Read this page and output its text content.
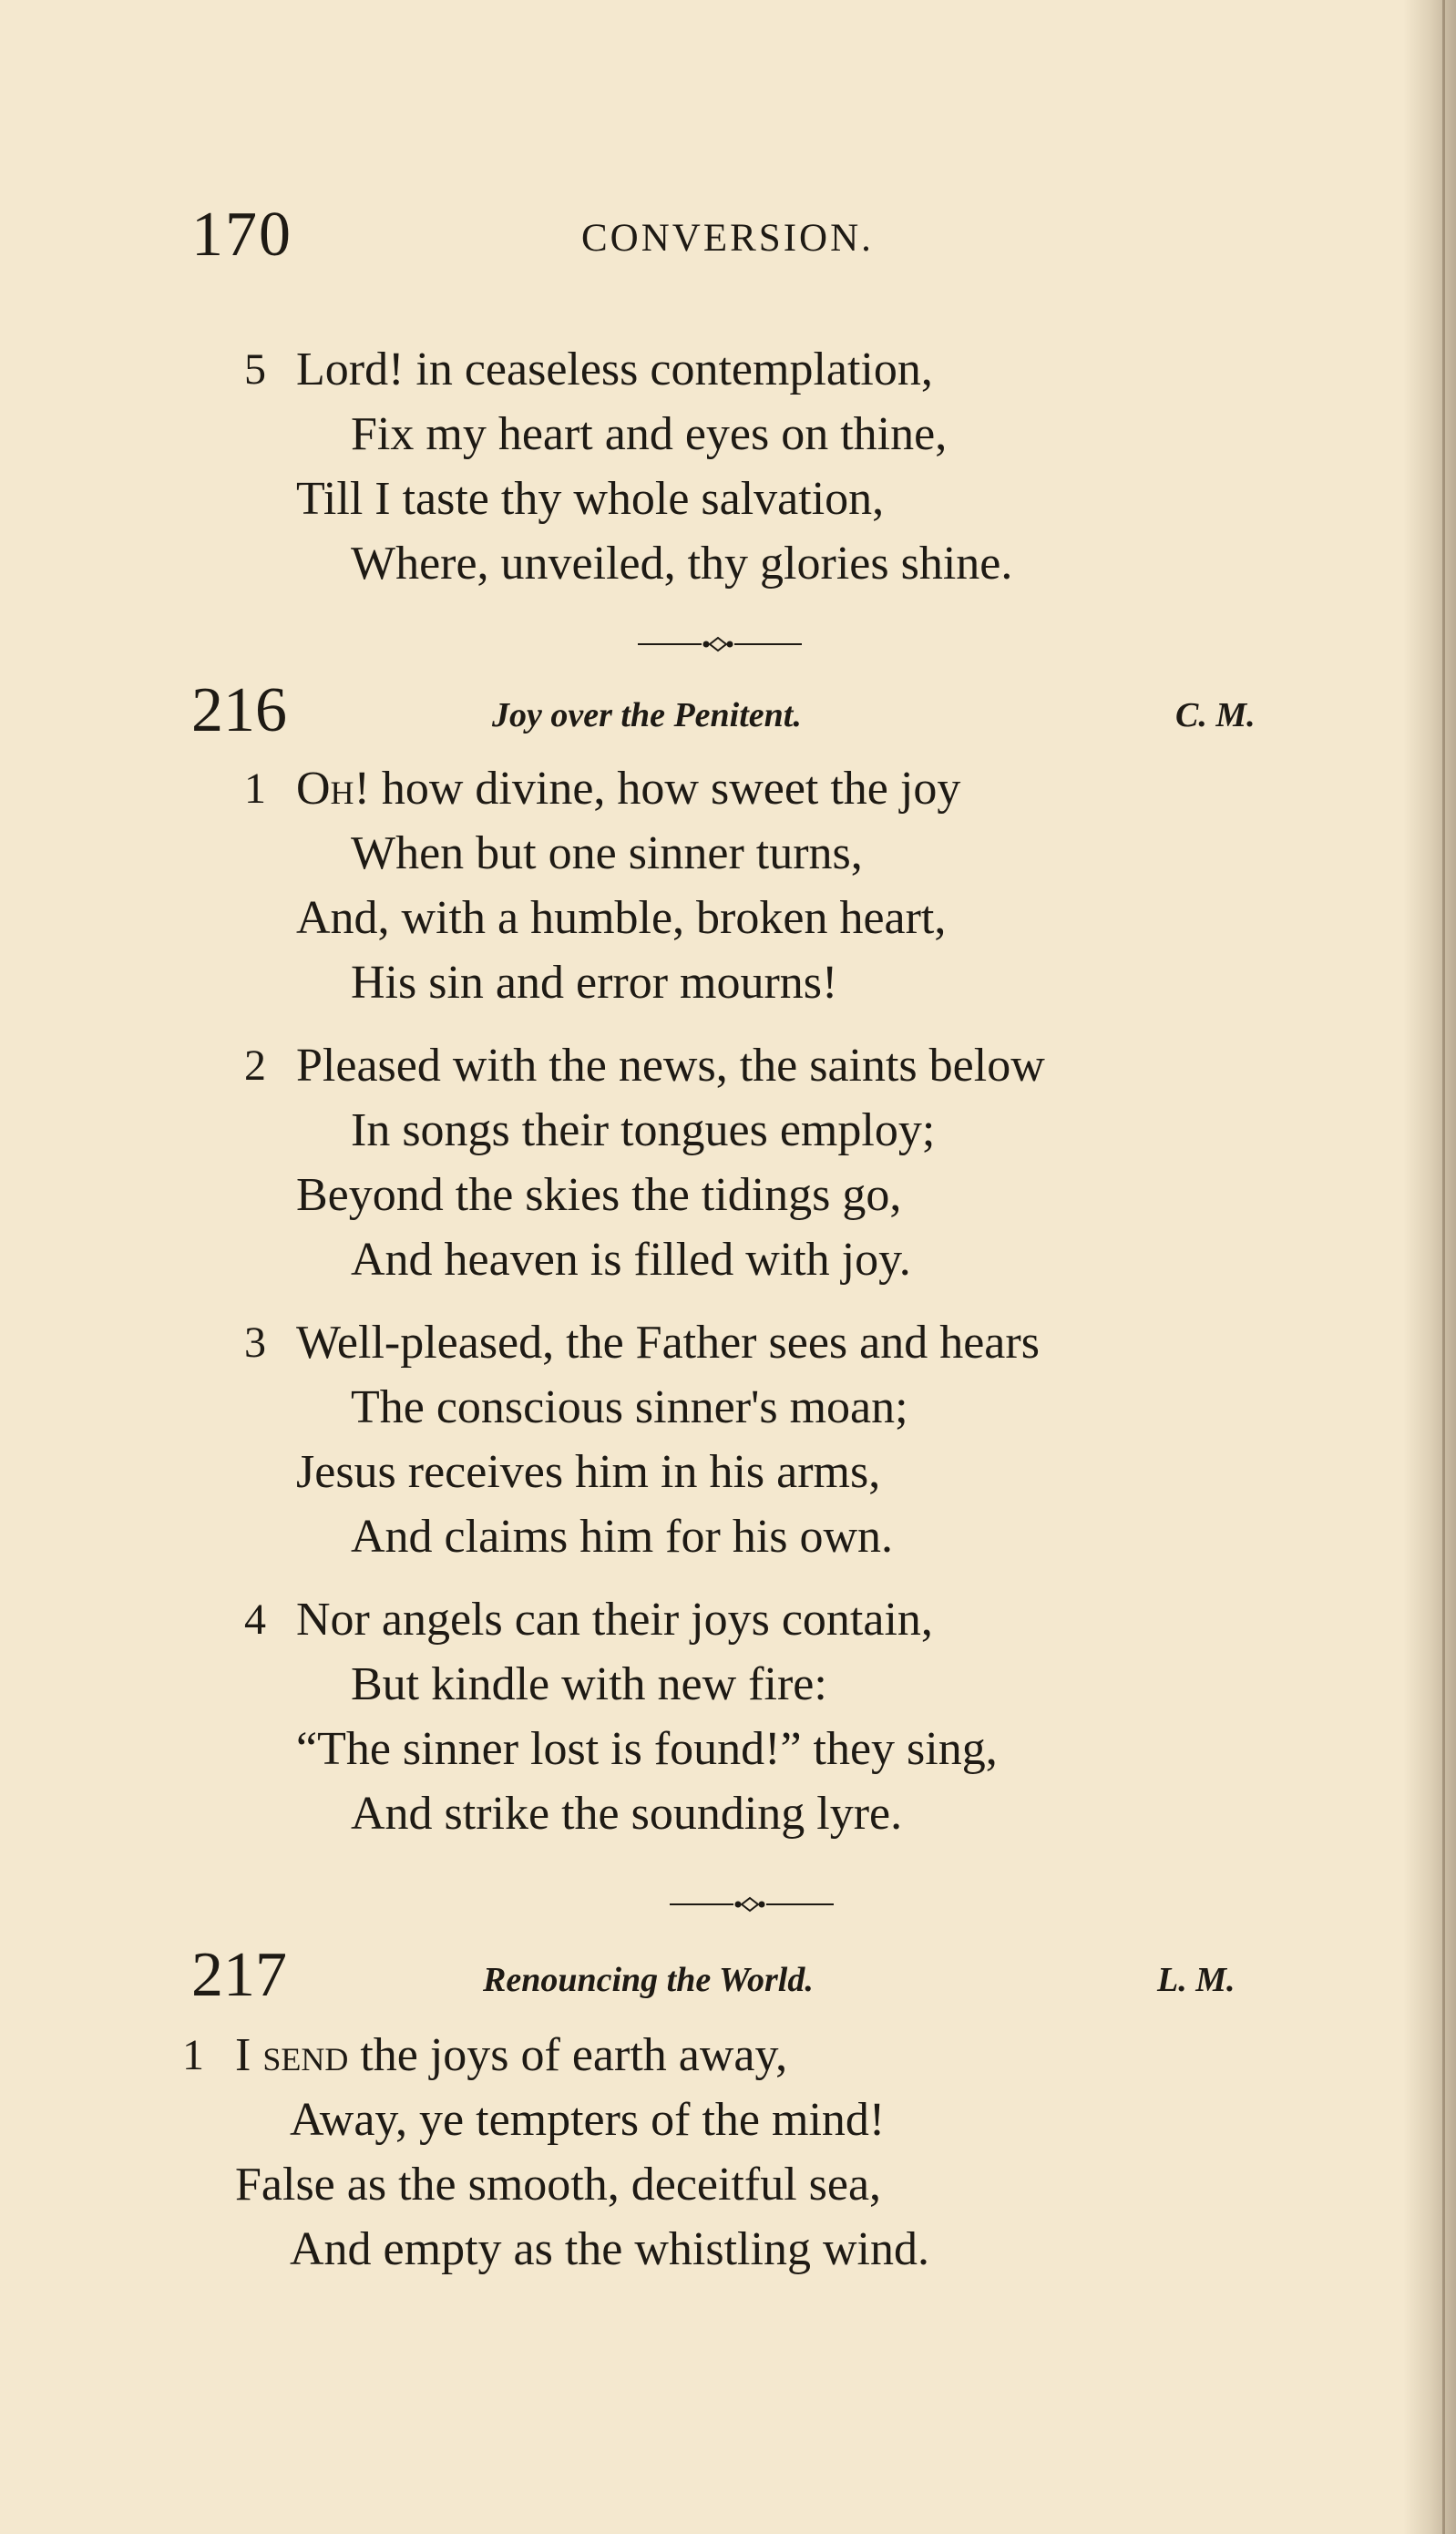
170	CONVERSION.
5 Lord! in ceaseless contemplation,
Fix my heart and eyes on thine,
Till I taste thy whole salvation,
Where, unveiled, thy glories shine.
216	Joy over the Penitent.	C. M.
1 Oh! how divine, how sweet the joy
When but one sinner turns,
And, with a humble, broken heart,
His sin and error mourns!
2 Pleased with the news, the saints below
In songs their tongues employ;
Beyond the skies the tidings go,
And heaven is filled with joy.
3 Well-pleased, the Father sees and hears
The conscious sinner's moan;
Jesus receives him in his arms,
And claims him for his own.
4 Nor angels can their joys contain,
But kindle with new fire:
“The sinner lost is found!” they sing,
And strike the sounding lyre.
217	Renouncing the World.	L. M.
1 I send the joys of earth away,
Away, ye tempters of the mind!
False as the smooth, deceitful sea,
And empty as the whistling wind.
